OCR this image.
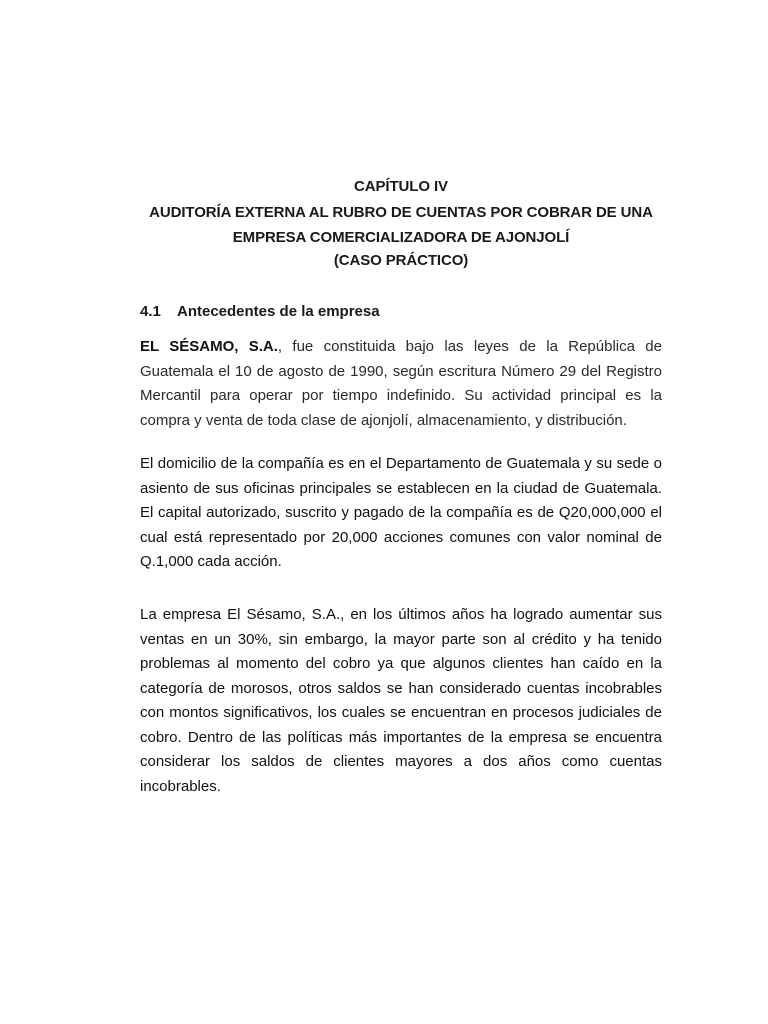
CAPÍTULO IV
AUDITORÍA EXTERNA AL RUBRO DE CUENTAS POR COBRAR DE UNA
EMPRESA COMERCIALIZADORA DE AJONJOLÍ
(CASO PRÁCTICO)
4.1 Antecedentes de la empresa

EL SÉSAMO, S.A., fue constituida bajo las leyes de la República de Guatemala el 10 de agosto de 1990, según escritura Número 29 del Registro Mercantil para operar por tiempo indefinido. Su actividad principal es la compra y venta de toda clase de ajonjolí, almacenamiento, y distribución.

El domicilio de la compañía es en el Departamento de Guatemala y su sede o asiento de sus oficinas principales se establecen en la ciudad de Guatemala. El capital autorizado, suscrito y pagado de la compañía es de Q20,000,000 el cual está representado por 20,000 acciones comunes con valor nominal de Q.1,000 cada acción.

La empresa El Sésamo, S.A., en los últimos años ha logrado aumentar sus ventas en un 30%, sin embargo, la mayor parte son al crédito y ha tenido problemas al momento del cobro ya que algunos clientes han caído en la categoría de morosos, otros saldos se han considerado cuentas incobrables con montos significativos, los cuales se encuentran en procesos judiciales de cobro. Dentro de las políticas más importantes de la empresa se encuentra considerar los saldos de clientes mayores a dos años como cuentas incobrables.
